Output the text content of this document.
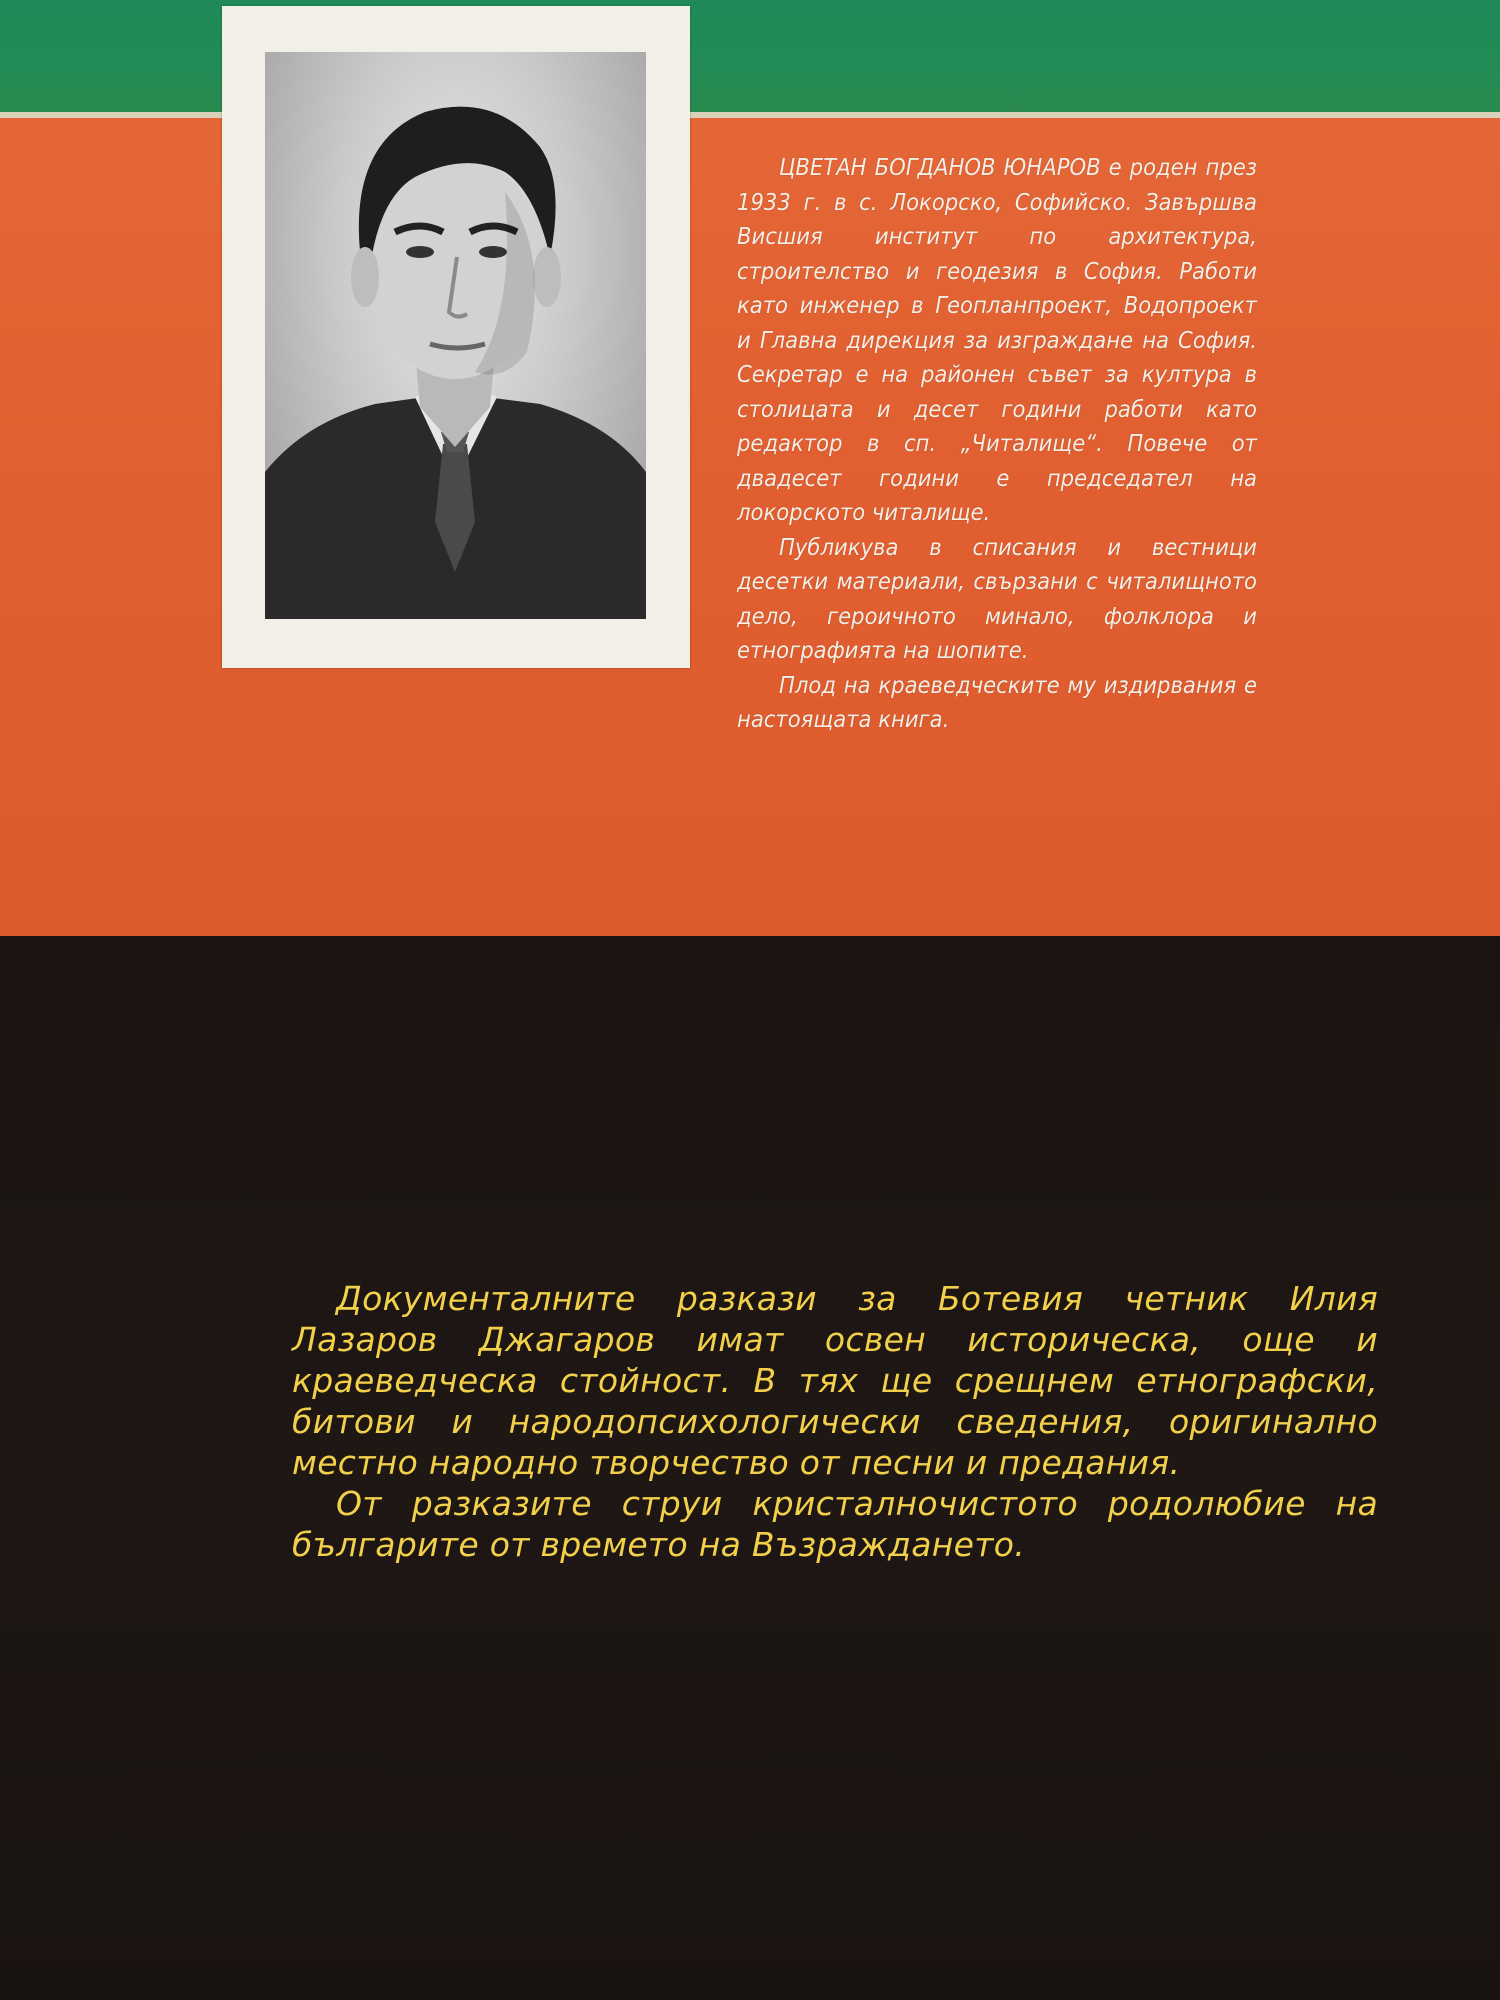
ЦВЕТАН БОГДАНОВ ЮНАРОВ е роден през 1933 г. в с. Локорско, Софийско. Завършва Висшия институт по архитектура, строителство и геодезия в София. Работи като инженер в Геопланпроект, Водопроект и Главна дирекция за изграждане на София. Секретар е на районен съвет за култура в столицата и десет години работи като редактор в сп. „Читалище“. Повече от двадесет години е председател на локорското читалище.

Публикува в списания и вестници десетки материали, свързани с читалищното дело, героичното минало, фолклора и етнографията на шопите.

Плод на краеведческите му издирвания е настоящата книга.

Документалните разкази за Ботевия четник Илия Лазаров Джагаров имат освен историческа, още и краеведческа стойност. В тях ще срещнем етнографски, битови и народопсихологически сведения, оригинално местно народно творчество от песни и предания.

От разказите струи кристалночистото родолюбие на българите от времето на Възраждането.
